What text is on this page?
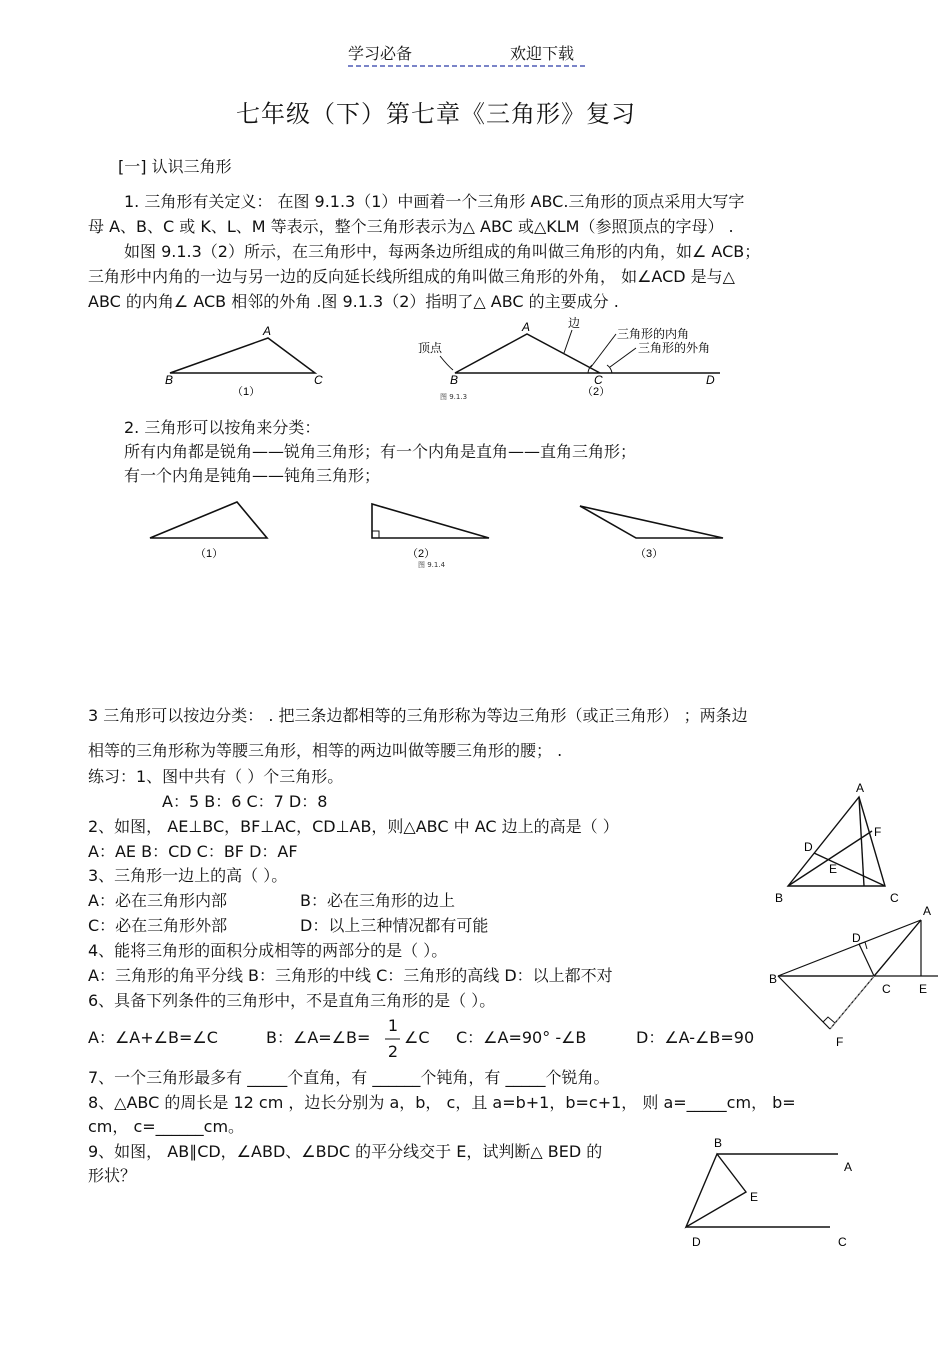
学习必备	欢迎下载
七年级（下）第七章《三角形》复习
[一] 认识三角形
1. 三角形有关定义： 在图 9.1.3（1）中画着一个三角形 ABC.三角形的顶点采用大写字
母 A、B、C 或 K、L、M 等表示，整个三角形表示为△ ABC 或△KLM（参照顶点的字母） .
如图 9.1.3（2）所示，在三角形中，每两条边所组成的角叫做三角形的内角，如∠ ACB；
三角形中内角的一边与另一边的反向延长线所组成的角叫做三角形的外角， 如∠ACD 是与△
ABC 的内角∠ ACB 相邻的外角 .图 9.1.3（2）指明了△ ABC 的主要成分 .
A
B	C
（1）
A
B	C	D
（2）
顶点
边
三角形的内角
三角形的外角
图 9.1.3
2. 三角形可以按角来分类：
所有内角都是锐角——锐角三角形；有一个内角是直角——直角三角形；
有一个内角是钝角——钝角三角形；
（1）	（2）	（3）
图 9.1.4
3 三角形可以按边分类： . 把三条边都相等的三角形称为等边三角形（或正三角形） ；两条边
相等的三角形称为等腰三角形，相等的两边叫做等腰三角形的腰； .
练习：1、图中共有（ ）个三角形。
A：5 B：6 C：7 D：8
2、如图， AE⊥BC，BF⊥AC，CD⊥AB，则△ABC 中 AC 边上的高是（ ）
A：AE B：CD C：BF D：AF
3、三角形一边上的高（ ）。
A：必在三角形内部	B：必在三角形的边上
C：必在三角形外部	D：以上三种情况都有可能
4、能将三角形的面积分成相等的两部分的是（ ）。
A：三角形的角平分线 B：三角形的中线 C：三角形的高线 D：以上都不对
6、具备下列条件的三角形中，不是直角三角形的是（ ）。
A：∠A+∠B=∠C	B：∠A=∠B=
1
2
∠C C：∠A=90° -∠B	D：∠A-∠B=90
7、一个三角形最多有 _____个直角，有 ______个钝角，有 _____个锐角。
8、△ABC 的周长是 12 cm ，边长分别为 a，b， c，且 a=b+1，b=c+1， 则 a=_____cm， b=
cm， c=______cm。
9、如图， AB∥CD，∠ABD、∠BDC 的平分线交于 E，试判断△ BED 的
形状？
A
B	C
D
E
F
A
B
C
D
E
F
B
A
E
D	C
